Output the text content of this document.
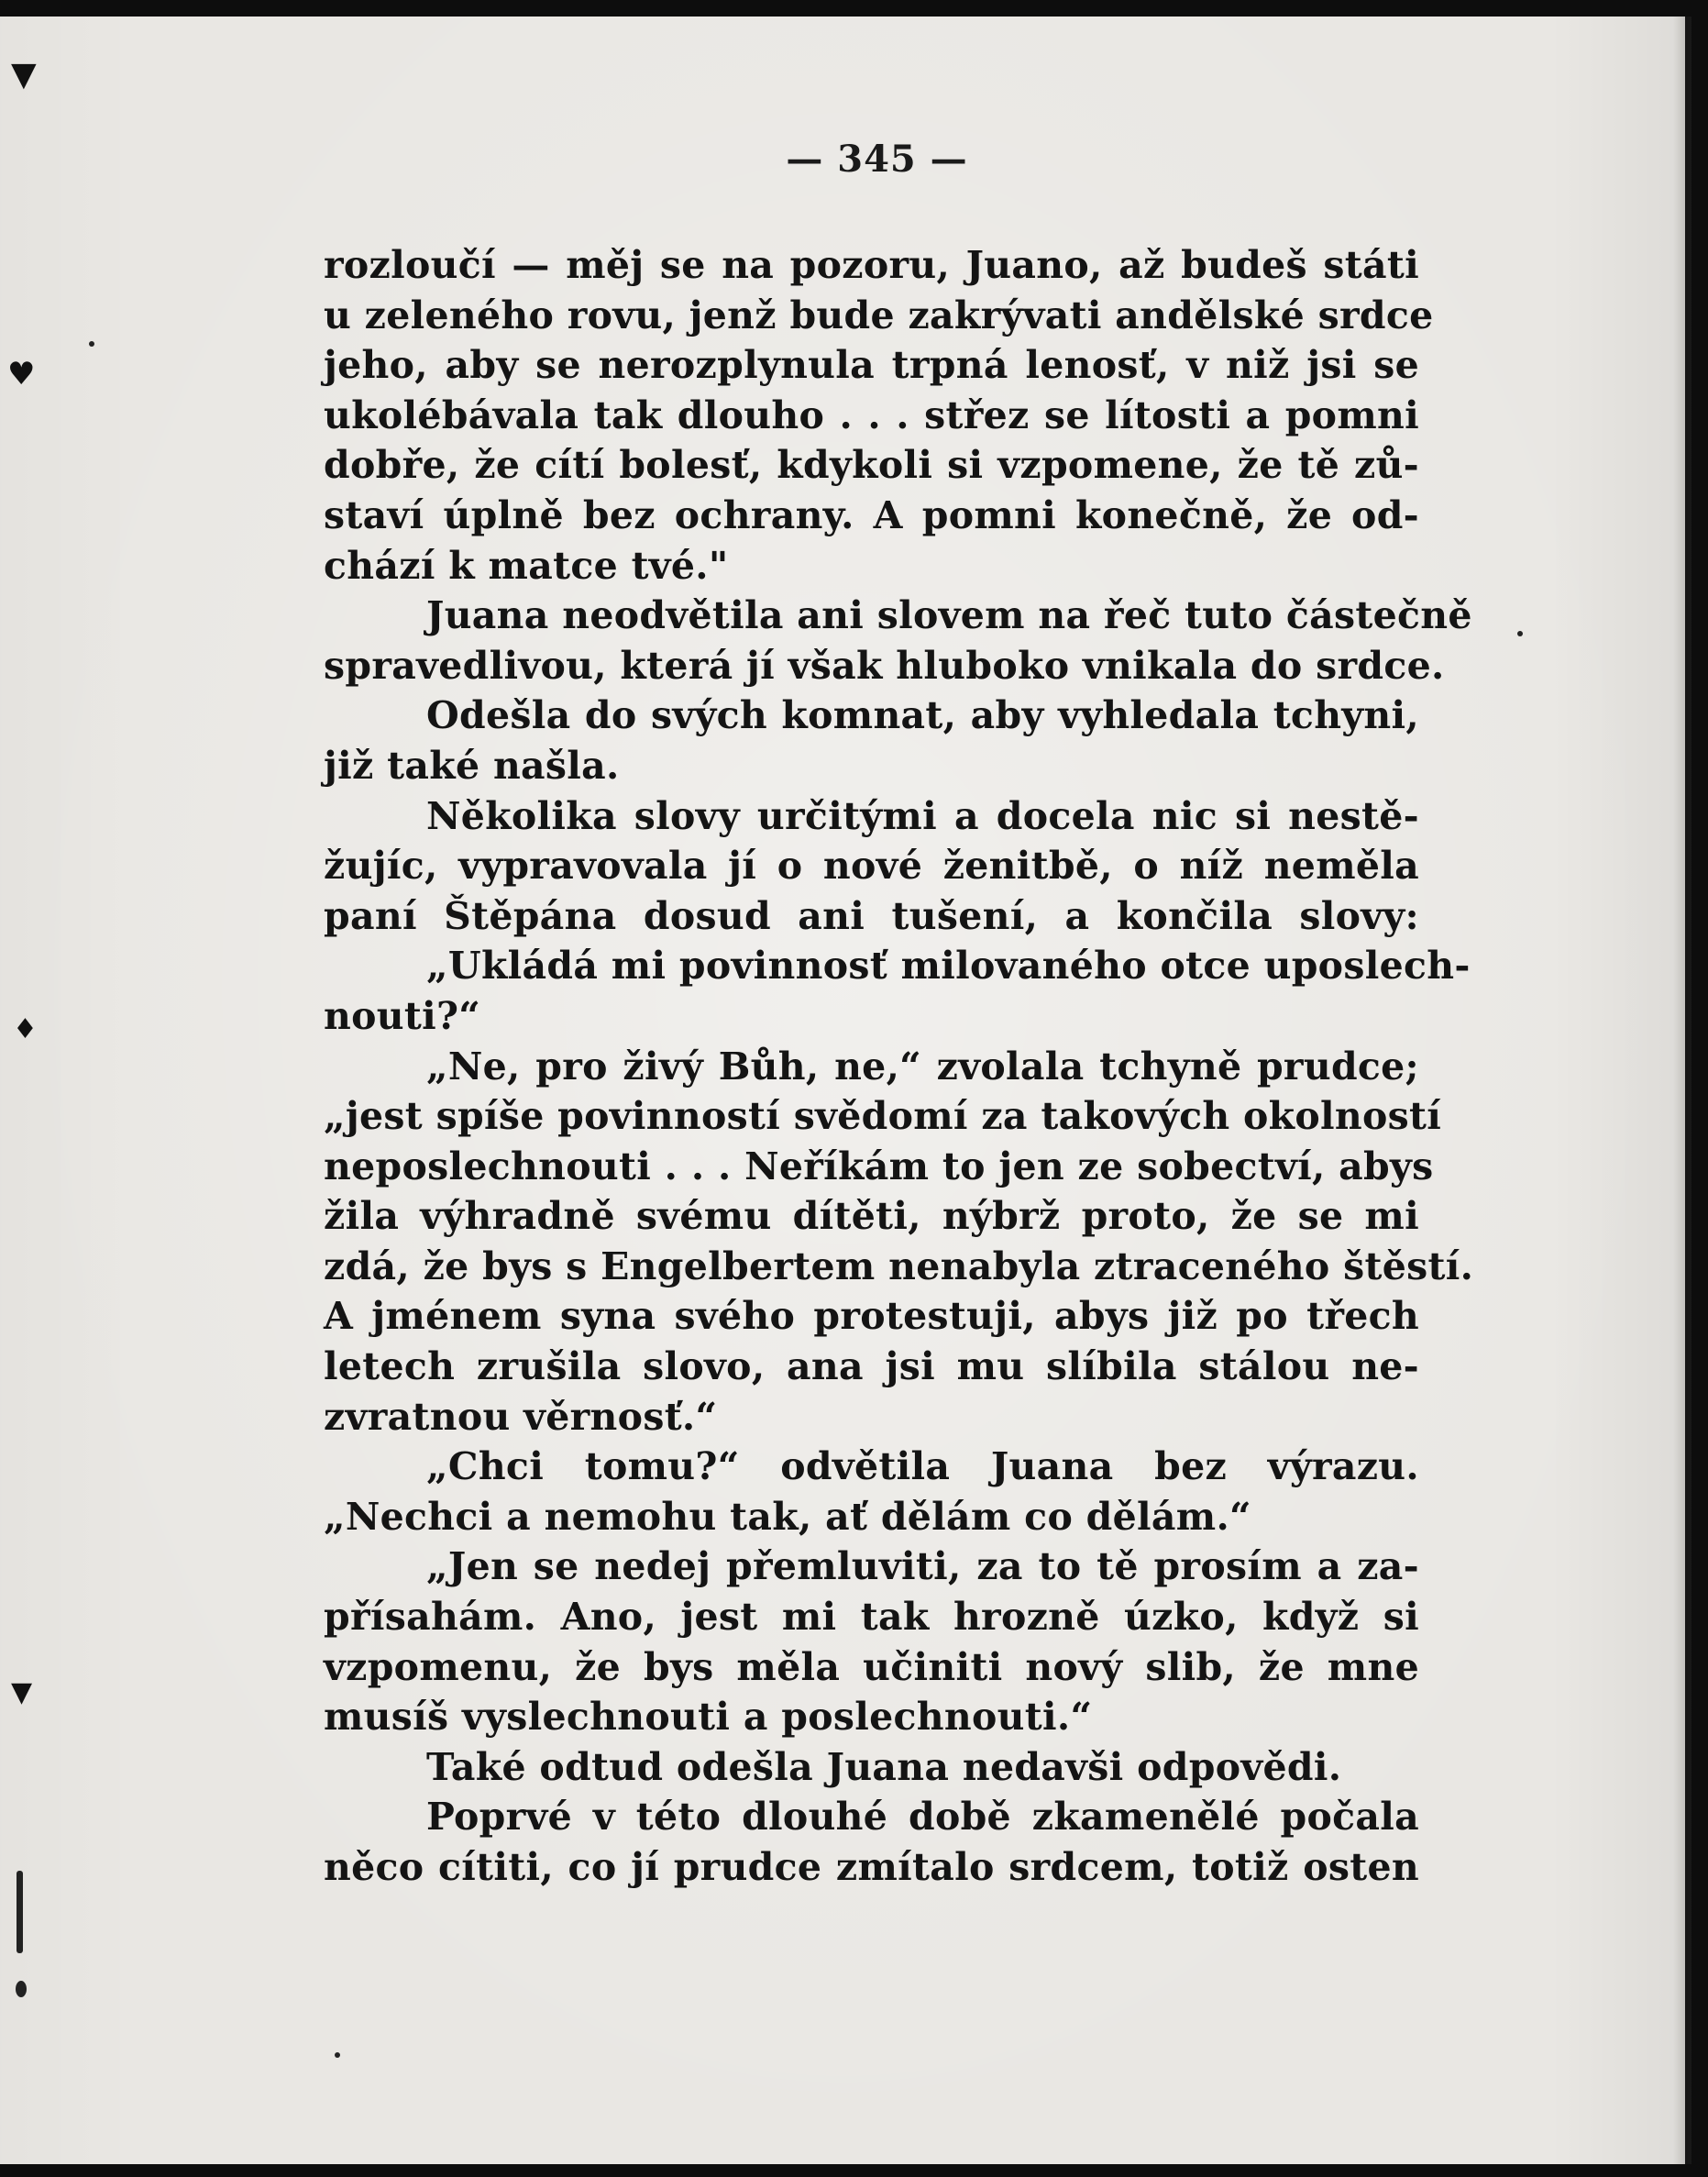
▼
♥
♦
▼
— 345 —
rozloučí — měj se na pozoru, Juano, až budeš státi
u zeleného rovu, jenž bude zakrývati andělské srdce
jeho, aby se nerozplynula trpná lenosť, v niž jsi se
ukolébávala tak dlouho . . . střez se lítosti a pomni
dobře, že cítí bolesť, kdykoli si vzpomene, že tě zů-
staví úplně bez ochrany. A pomni konečně, že od-
chází k matce tvé."
Juana neodvětila ani slovem na řeč tuto částečně
spravedlivou, která jí však hluboko vnikala do srdce.
Odešla do svých komnat, aby vyhledala tchyni,
již také našla.
Několika slovy určitými a docela nic si nestě-
žujíc, vypravovala jí o nové ženitbě, o níž neměla
paní Štěpána dosud ani tušení, a končila slovy:
„Ukládá mi povinnosť milovaného otce uposlech-
nouti?“
„Ne, pro živý Bůh, ne,“ zvolala tchyně prudce;
„jest spíše povinností svědomí za takových okolností
neposlechnouti . . . Neříkám to jen ze sobectví, abys
žila výhradně svému dítěti, nýbrž proto, že se mi
zdá, že bys s Engelbertem nenabyla ztraceného štěstí.
A jménem syna svého protestuji, abys již po třech
letech zrušila slovo, ana jsi mu slíbila stálou ne-
zvratnou věrnosť.“
„Chci tomu?“ odvětila Juana bez výrazu.
„Nechci a nemohu tak, ať dělám co dělám.“
„Jen se nedej přemluviti, za to tě prosím a za-
přísahám. Ano, jest mi tak hrozně úzko, když si
vzpomenu, že bys měla učiniti nový slib, že mne
musíš vyslechnouti a poslechnouti.“
Také odtud odešla Juana nedavši odpovědi.
Poprvé v této dlouhé době zkamenělé počala
něco cítiti, co jí prudce zmítalo srdcem, totiž osten
